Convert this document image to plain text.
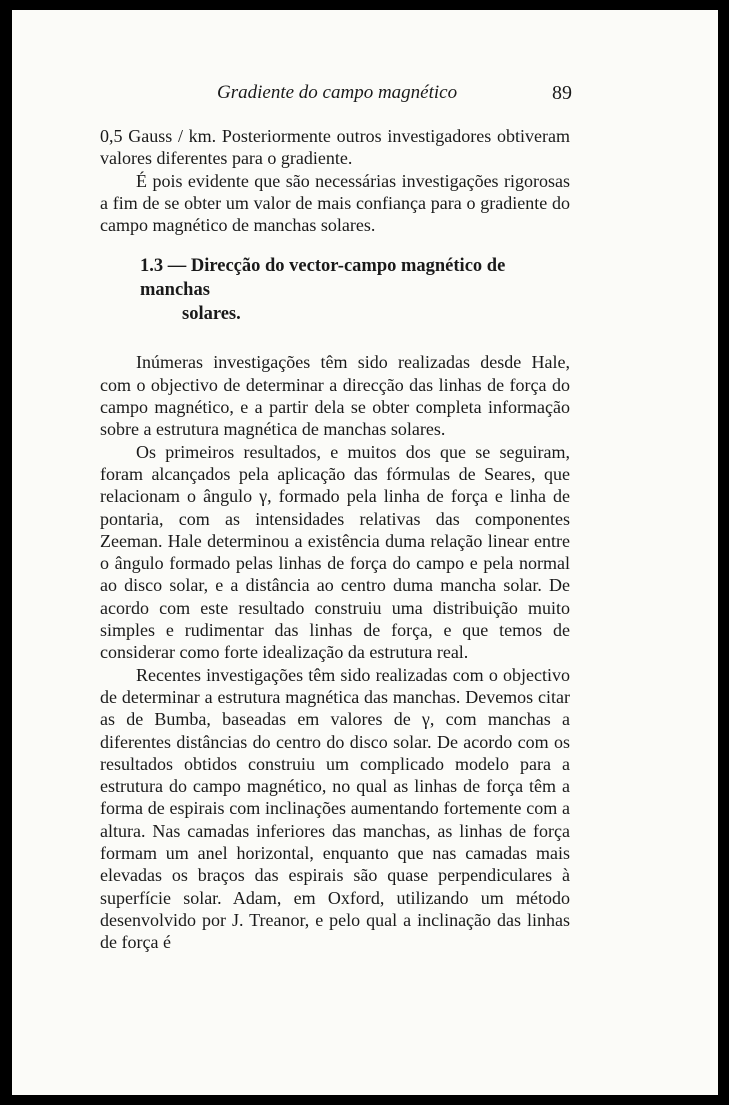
Gradiente do campo magnético	89

0,5 Gauss / km. Posteriormente outros investigadores obtiveram valores diferentes para o gradiente.

É pois evidente que são necessárias investigações rigorosas a fim de se obter um valor de mais confiança para o gradiente do campo magnético de manchas solares.

1.3 — Direcção do vector-campo magnético de manchas
solares.

Inúmeras investigações têm sido realizadas desde Hale, com o objectivo de determinar a direcção das linhas de força do campo magnético, e a partir dela se obter completa informação sobre a estrutura magnética de manchas solares.

Os primeiros resultados, e muitos dos que se seguiram, foram alcançados pela aplicação das fórmulas de Seares, que relacionam o ângulo γ, formado pela linha de força e linha de pontaria, com as intensidades relativas das componentes Zeeman. Hale determinou a existência duma relação linear entre o ângulo formado pelas linhas de força do campo e pela normal ao disco solar, e a distância ao centro duma mancha solar. De acordo com este resultado construiu uma distribuição muito simples e rudimentar das linhas de força, e que temos de considerar como forte idealização da estrutura real.

Recentes investigações têm sido realizadas com o objectivo de determinar a estrutura magnética das manchas. Devemos citar as de Bumba, baseadas em valores de γ, com manchas a diferentes distâncias do centro do disco solar. De acordo com os resultados obtidos construiu um complicado modelo para a estrutura do campo magnético, no qual as linhas de força têm a forma de espirais com inclinações aumentando fortemente com a altura. Nas camadas inferiores das manchas, as linhas de força formam um anel horizontal, enquanto que nas camadas mais elevadas os braços das espirais são quase perpendiculares à superfície solar. Adam, em Oxford, utilizando um método desenvolvido por J. Treanor, e pelo qual a inclinação das linhas de força é
